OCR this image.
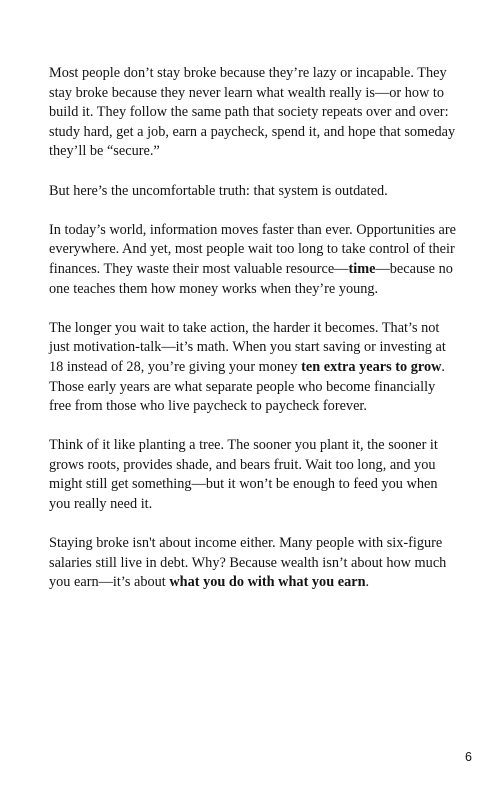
Most people don’t stay broke because they’re lazy or incapable. They stay broke because they never learn what wealth really is—or how to build it. They follow the same path that society repeats over and over: study hard, get a job, earn a paycheck, spend it, and hope that someday they’ll be “secure.”

But here’s the uncomfortable truth: that system is outdated.

In today’s world, information moves faster than ever. Opportunities are everywhere. And yet, most people wait too long to take control of their finances. They waste their most valuable resource—time—because no one teaches them how money works when they’re young.

The longer you wait to take action, the harder it becomes. That’s not just motivation-talk—it’s math. When you start saving or investing at 18 instead of 28, you’re giving your money ten extra years to grow. Those early years are what separate people who become financially free from those who live paycheck to paycheck forever.

Think of it like planting a tree. The sooner you plant it, the sooner it grows roots, provides shade, and bears fruit. Wait too long, and you might still get something—but it won’t be enough to feed you when you really need it.

Staying broke isn't about income either. Many people with six-figure salaries still live in debt. Why? Because wealth isn’t about how much you earn—it’s about what you do with what you earn.

6
